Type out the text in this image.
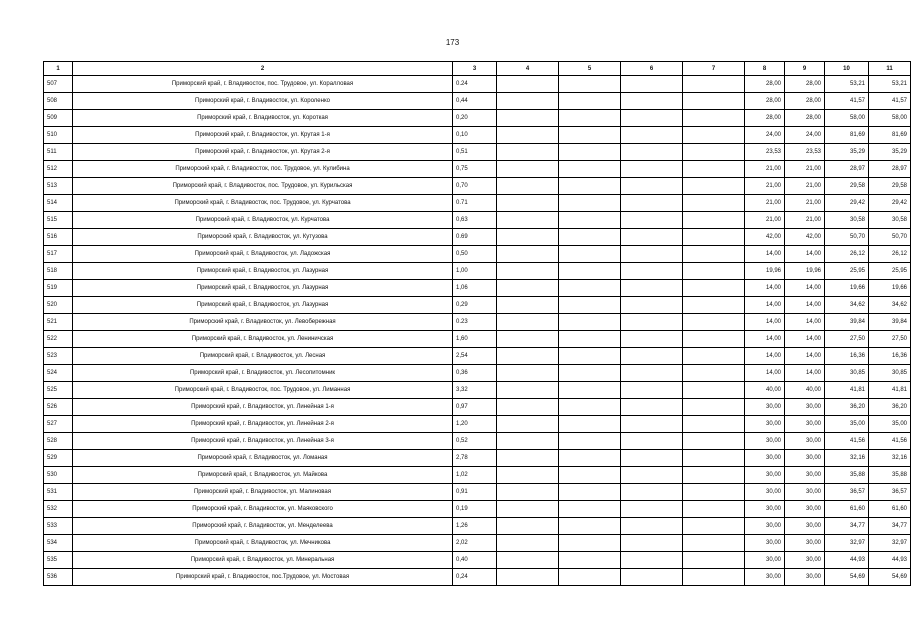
173
1	2	3	4	5	6	7	8	9	10	11
507	Приморский край, г. Владивосток, пос. Трудовое, ул. Коралловая	0.24					28,00	28,00	53,21	53,21
508	Приморский край, г. Владивосток, ул. Короленко	0,44					28,00	28,00	41,57	41,57
509	Приморский край, г. Владивосток, ул. Короткая	0,20					28,00	28,00	58,00	58,00
510	Приморский край, г. Владивосток, ул. Крутая 1-я	0,10					24,00	24,00	81,69	81,69
511	Приморский край, г. Владивосток, ул. Крутая 2-я	0,51					23,53	23,53	35,29	35,29
512	Приморский край, г. Владивосток, пос. Трудовое, ул. Кулибина	0,75					21,00	21,00	28,97	28,97
513	Приморский край, г. Владивосток, пос. Трудовое, ул. Курильская	0,70					21,00	21,00	29,58	29,58
514	Приморский край, г. Владивосток, пос. Трудовое, ул. Курчатова	0.71					21,00	21,00	29,42	29,42
515	Приморский край, г. Владивосток, ул. Курчатова	0,63					21,00	21,00	30,58	30,58
516	Приморский край, г. Владивосток, ул. Кутузова	0.69					42,00	42,00	50,70	50,70
517	Приморский край, г. Владивосток, ул. Ладожская	0,50					14,00	14,00	26,12	26,12
518	Приморский край, г. Владивосток, ул. Лазурная	1,00					19,96	19,96	25,95	25,95
519	Приморский край, г. Владивосток, ул. Лазурная	1,06					14,00	14,00	19,66	19,66
520	Приморский край, г. Владивосток, ул. Лазурная	0,29					14,00	14,00	34,62	34,62
521	Приморский край, г. Владивосток, ул. Левобережная	0.23					14,00	14,00	39,84	39,84
522	Приморский край, г. Владивосток, ул. Лениничская	1,60					14,00	14,00	27,50	27,50
523	Приморский край, г. Владивосток, ул. Лесная	2,54					14,00	14,00	16,36	16,36
524	Приморский край, г. Владивосток, ул. Лесопитомник	0,36					14,00	14,00	30,85	30,85
525	Приморский край, г. Владивосток, пос. Трудовое, ул. Лиманная	3,32					40,00	40,00	41,81	41,81
526	Приморский край, г. Владивосток, ул. Линейная 1-я	0,97					30,00	30,00	36,20	36,20
527	Приморский край, г. Владивосток, ул. Линейная 2-я	1,20					30,00	30,00	35,00	35,00
528	Приморский край, г. Владивосток, ул. Линейная 3-я	0,52					30,00	30,00	41,56	41,56
529	Приморский край, г. Владивосток, ул. Ломаная	2,78					30,00	30,00	32,16	32,16
530	Приморский край, г. Владивосток, ул. Майкова	1,02					30,00	30,00	35,88	35,88
531	Приморский край, г. Владивосток, ул. Малиновая	0,91					30,00	30,00	36,57	36,57
532	Приморский край, г. Владивосток, ул. Маяковского	0,19					30,00	30,00	61,60	61,60
533	Приморский край, г. Владивосток, ул. Менделеева	1,26					30,00	30,00	34,77	34,77
534	Приморский край, г. Владивосток, ул. Мечникова	2,02					30,00	30,00	32,97	32,97
535	Приморский край, г. Владивосток, ул. Минеральная	0,40					30,00	30,00	44,93	44,93
536	Приморский край, г. Владивосток, пос.Трудовое, ул. Мостовая	0,24					30,00	30,00	54,69	54,69
